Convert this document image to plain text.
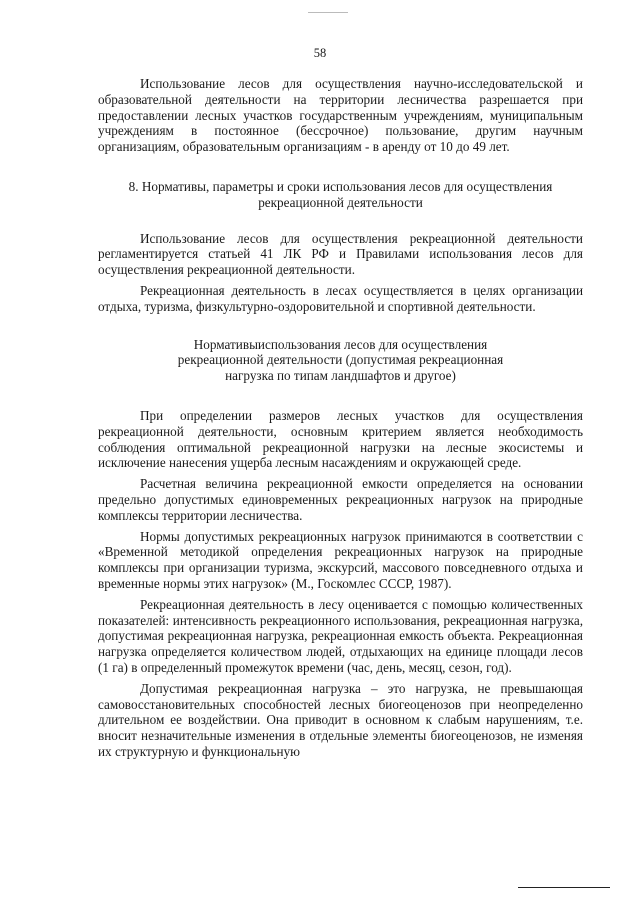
58

Использование лесов для осуществления научно-исследовательской и образовательной деятельности на территории лесничества разрешается при предоставлении лесных участков государственным учреждениям, муниципальным учреждениям в постоянное (бессрочное) пользование, другим научным организациям, образовательным организациям - в аренду от 10 до 49 лет.

8. Нормативы, параметры и сроки использования лесов для осуществления рекреационной деятельности

Использование лесов для осуществления рекреационной деятельности регламентируется статьей 41 ЛК РФ и Правилами использования лесов для осуществления рекреационной деятельности.

Рекреационная деятельность в лесах осуществляется в целях организации отдыха, туризма, физкультурно-оздоровительной и спортивной деятельности.

Нормативыиспользования лесов для осуществления рекреационной деятельности (допустимая рекреационная нагрузка по типам ландшафтов и другое)

При определении размеров лесных участков для осуществления рекреационной деятельности, основным критерием является необходимость соблюдения оптимальной рекреационной нагрузки на лесные экосистемы и исключение нанесения ущерба лесным насаждениям и окружающей среде.

Расчетная величина рекреационной емкости определяется на основании предельно допустимых единовременных рекреационных нагрузок на природные комплексы территории лесничества.

Нормы допустимых рекреационных нагрузок принимаются в соответствии с «Временной методикой определения рекреационных нагрузок на природные комплексы при организации туризма, экскурсий, массового повседневного отдыха и временные нормы этих нагрузок» (М., Госкомлес СССР, 1987).

Рекреационная деятельность в лесу оценивается с помощью количественных показателей: интенсивность рекреационного использования, рекреационная нагрузка, допустимая рекреационная нагрузка, рекреационная емкость объекта. Рекреационная нагрузка определяется количеством людей, отдыхающих на единице площади лесов (1 га) в определенный промежуток времени (час, день, месяц, сезон, год).

Допустимая рекреационная нагрузка – это нагрузка, не превышающая самовосстановительных способностей лесных биогеоценозов при неопределенно длительном ее воздействии. Она приводит в основном к слабым нарушениям, т.е. вносит незначительные изменения в отдельные элементы биогеоценозов, не изменяя их структурную и функциональную
